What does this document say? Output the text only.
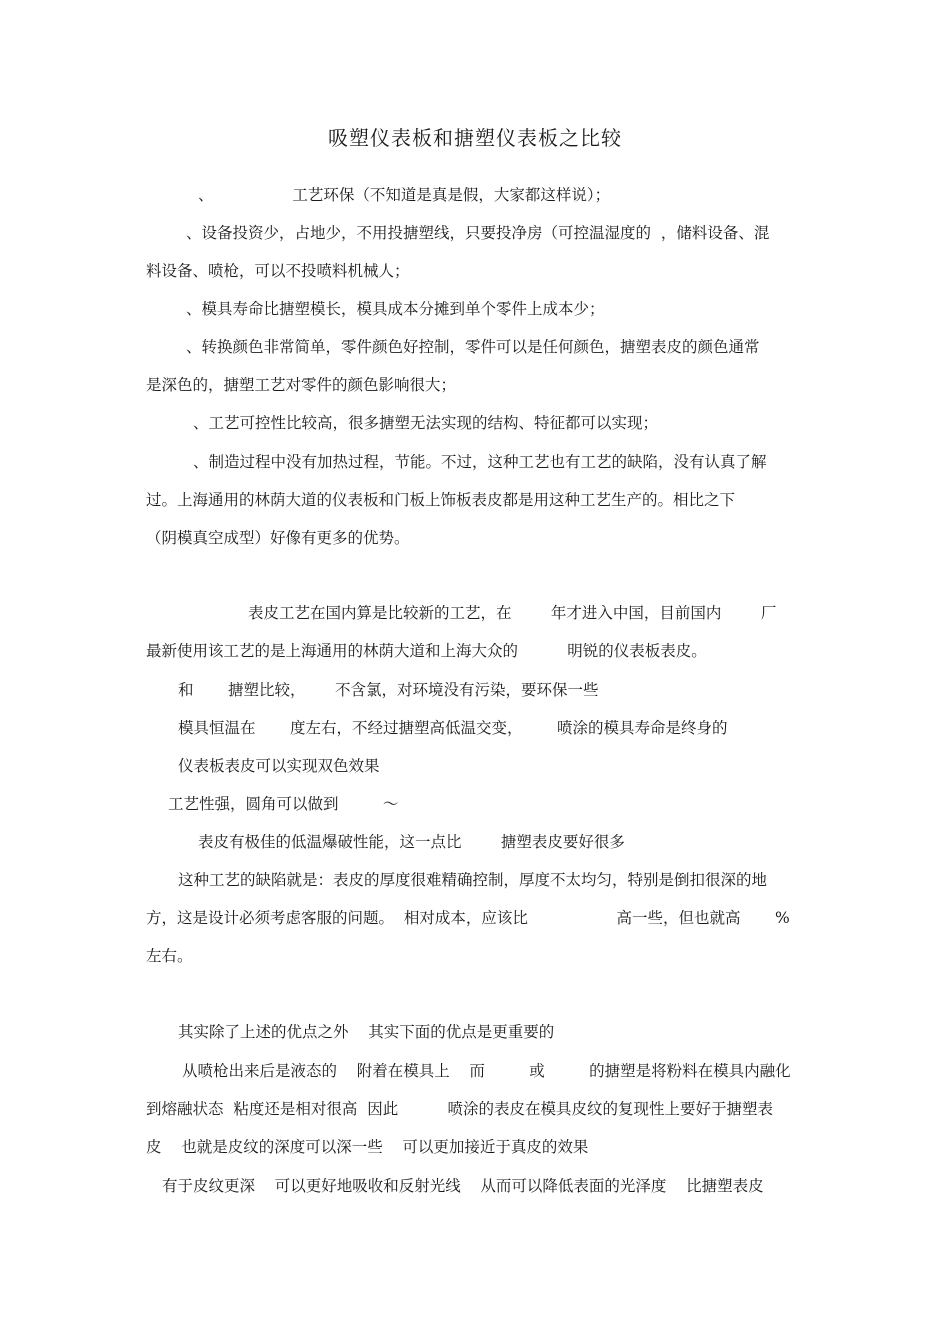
吸塑仪表板和搪塑仪表板之比较
、                工艺环保（不知道是真是假，大家都这样说）；
、设备投资少，占地少，不用投搪塑线，只要投净房（可控温湿度的  ，储料设备、混
料设备、喷枪，可以不投喷料机械人；
、模具寿命比搪塑模长，模具成本分摊到单个零件上成本少；
、转换颜色非常简单，零件颜色好控制，零件可以是任何颜色，搪塑表皮的颜色通常
是深色的，搪塑工艺对零件的颜色影响很大；
、工艺可控性比较高，很多搪塑无法实现的结构、特征都可以实现；
、制造过程中没有加热过程，节能。不过，这种工艺也有工艺的缺陷，没有认真了解
过。上海通用的林荫大道的仪表板和门板上饰板表皮都是用这种工艺生产的。相比之下
（阴模真空成型）好像有更多的优势。
表皮工艺在国内算是比较新的工艺，在        年才进入中国，目前国内        厂
最新使用该工艺的是上海通用的林荫大道和上海大众的          明锐的仪表板表皮。
和       搪塑比较，      不含氯，对环境没有污染，要环保一些
模具恒温在       度左右，不经过搪塑高低温交变，       喷涂的模具寿命是终身的
仪表板表皮可以实现双色效果
工艺性强，圆角可以做到         ～
表皮有极佳的低温爆破性能，这一点比        搪塑表皮要好很多
这种工艺的缺陷就是：表皮的厚度很难精确控制，厚度不太均匀，特别是倒扣很深的地
方，这是设计必须考虑客服的问题。  相对成本，应该比                  高一些，但也就高       %
左右。
其实除了上述的优点之外    其实下面的优点是更重要的
从喷枪出来后是液态的    附着在模具上    而         或         的搪塑是将粉料在模具内融化
到熔融状态  粘度还是相对很高  因此          喷涂的表皮在模具皮纹的复现性上要好于搪塑表
皮    也就是皮纹的深度可以深一些    可以更加接近于真皮的效果
有于皮纹更深    可以更好地吸收和反射光线    从而可以降低表面的光泽度    比搪塑表皮
